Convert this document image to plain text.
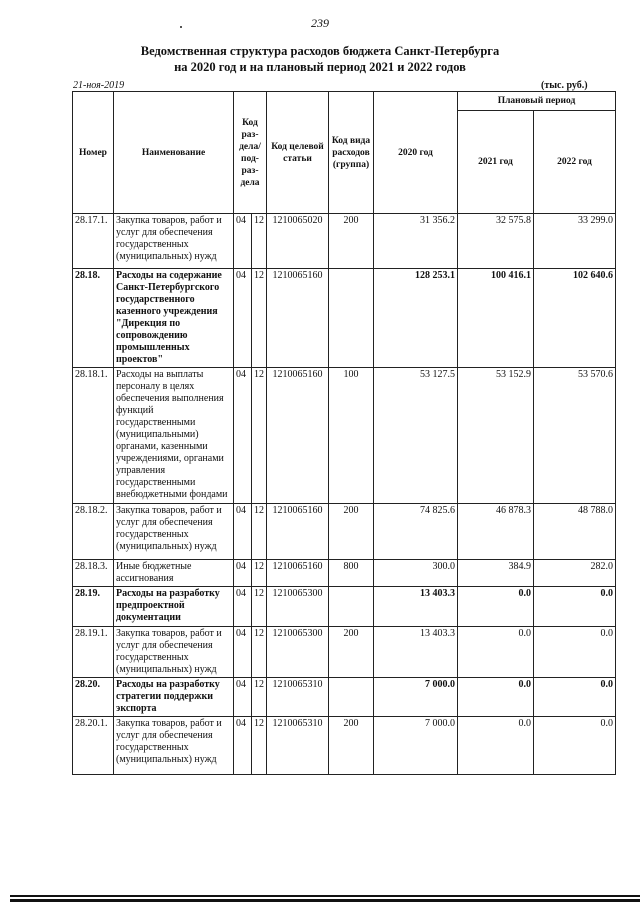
239
Ведомственная структура расходов бюджета Санкт-Петербурга
на 2020 год и на плановый период 2021 и 2022 годов
21-ноя-2019	(тыс. руб.)
Номер	Наименование	Код раз- дела/ под- раз- дела		Код целевой статьи	Код вида расходов (группа)	2020 год	Плановый период	
							2021 год	2022 год
28.17.1.	Закупка товаров, работ и услуг для обеспечения государственных (муниципальных) нужд	04	12	1210065020	200	31 356.2	32 575.8	33 299.0
28.18.	Расходы на содержание Санкт-Петербургского государственного казенного учреждения "Дирекция по сопровождению промышленных проектов"	04	12	1210065160		128 253.1	100 416.1	102 640.6
28.18.1.	Расходы на выплаты персоналу в целях обеспечения выполнения функций государственными (муниципальными) органами, казенными учреждениями, органами управления государственными внебюджетными фондами	04	12	1210065160	100	53 127.5	53 152.9	53 570.6
28.18.2.	Закупка товаров, работ и услуг для обеспечения государственных (муниципальных) нужд	04	12	1210065160	200	74 825.6	46 878.3	48 788.0
28.18.3.	Иные бюджетные ассигнования	04	12	1210065160	800	300.0	384.9	282.0
28.19.	Расходы на разработку предпроектной документации	04	12	1210065300		13 403.3	0.0	0.0
28.19.1.	Закупка товаров, работ и услуг для обеспечения государственных (муниципальных) нужд	04	12	1210065300	200	13 403.3	0.0	0.0
28.20.	Расходы на разработку стратегии поддержки экспорта	04	12	1210065310		7 000.0	0.0	0.0
28.20.1.	Закупка товаров, работ и услуг для обеспечения государственных (муниципальных) нужд	04	12	1210065310	200	7 000.0	0.0	0.0
